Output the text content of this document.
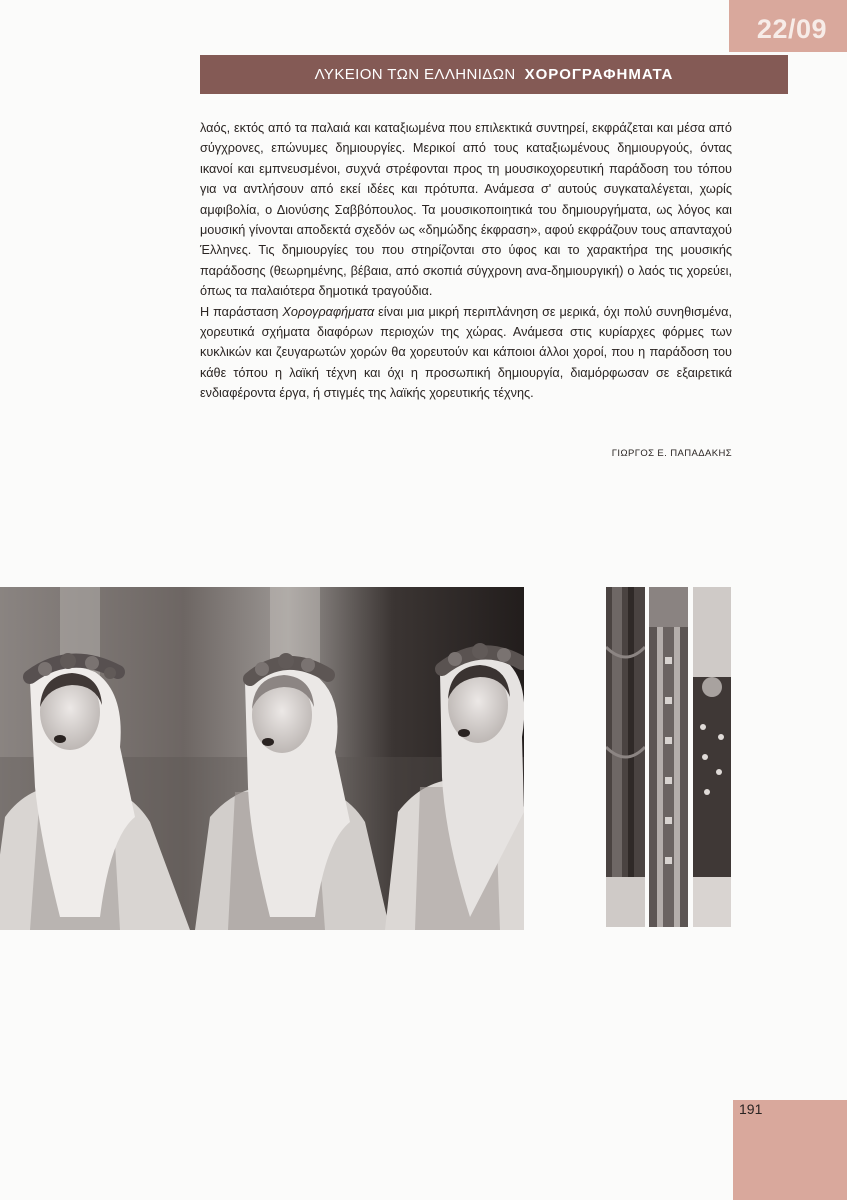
22/09
ΛΥΚΕΙΟΝ ΤΩΝ ΕΛΛΗΝΙΔΩΝ ΧΟΡΟΓΡΑΦΗΜΑΤΑ

λαός, εκτός από τα παλαιά και καταξιωμένα που επιλεκτικά συντηρεί, εκφράζεται και μέσα από σύγχρονες, επώνυμες δημιουργίες. Μερικοί από τους καταξιωμένους δημιουργούς, όντας ικανοί και εμπνευσμένοι, συχνά στρέφονται προς τη μουσικοχορευτική παράδοση του τόπου για να αντλήσουν από εκεί ιδέες και πρότυπα. Ανάμεσα σ' αυτούς συγκαταλέγεται, χωρίς αμφιβολία, ο Διονύσης Σαββόπουλος. Τα μουσικοποιητικά του δημιουργήματα, ως λόγος και μουσική γίνονται αποδεκτά σχεδόν ως «δημώδης έκφραση», αφού εκφράζουν τους απανταχού Έλληνες. Τις δημιουργίες του που στηρίζονται στο ύφος και το χαρακτήρα της μουσικής παράδοσης (θεωρημένης, βέβαια, από σκοπιά σύγχρονη ανα-δημιουργική) ο λαός τις χορεύει, όπως τα παλαιότερα δημοτικά τραγούδια.

Η παράσταση Χορογραφήματα είναι μια μικρή περιπλάνηση σε μερικά, όχι πολύ συνηθισμένα, χορευτικά σχήματα διαφόρων περιοχών της χώρας. Ανάμεσα στις κυρίαρχες φόρμες των κυκλικών και ζευγαρωτών χορών θα χορευτούν και κάποιοι άλλοι χοροί, που η παράδοση του κάθε τόπου η λαϊκή τέχνη και όχι η προσωπική δημιουργία, διαμόρφωσαν σε εξαιρετικά ενδιαφέροντα έργα, ή στιγμές της λαϊκής χορευτικής τέχνης.

ΓΙΩΡΓΟΣ Ε. ΠΑΠΑΔΑΚΗΣ
191
